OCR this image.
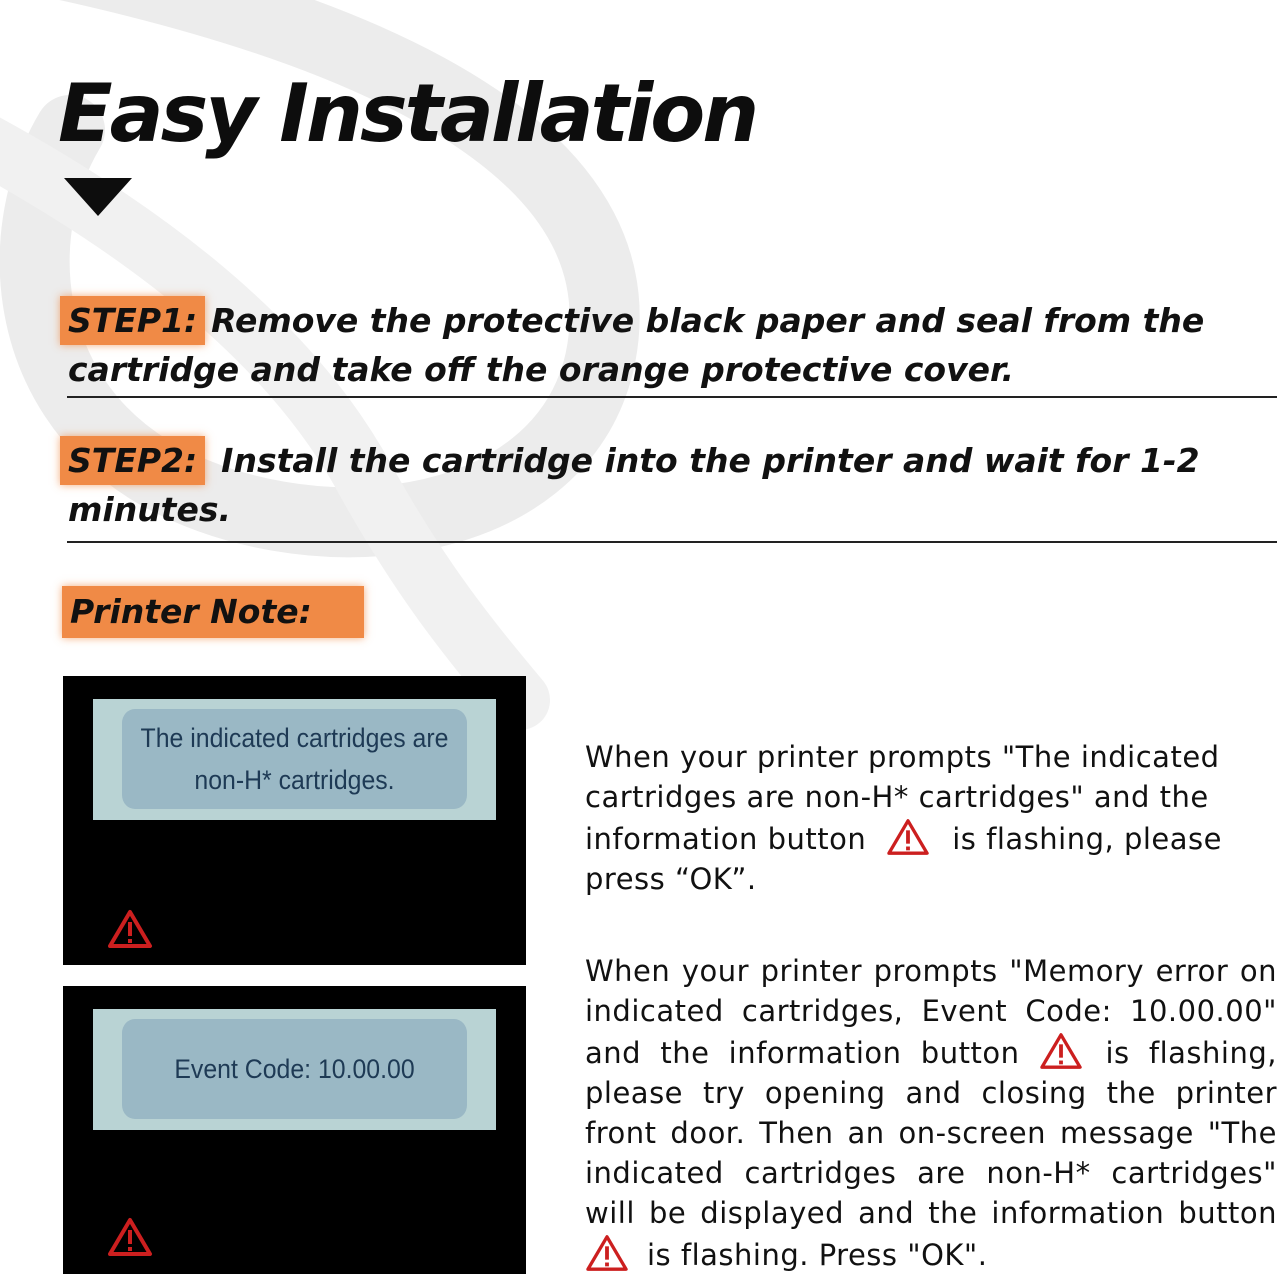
Easy Installation
STEP1: Remove the protective black paper and seal from the cartridge and take off the orange protective cover.
STEP2: Install the cartridge into the printer and wait for 1-2 minutes.
Printer Note:
The indicated cartridges are
non-H* cartridges.
Event Code: 10.00.00

When your printer prompts "The indicated cartridges are non-H* cartridges" and the information button	is flashing, please press “OK”.

When your printer prompts "Memory error on indicated cartridges, Event Code: 10.00.00" and the information button	is flashing, please try opening and closing the printer front door. Then an on-screen message "The indicated cartridges are non-H* cartridges" will be displayed and the information button is flashing. Press "OK".
